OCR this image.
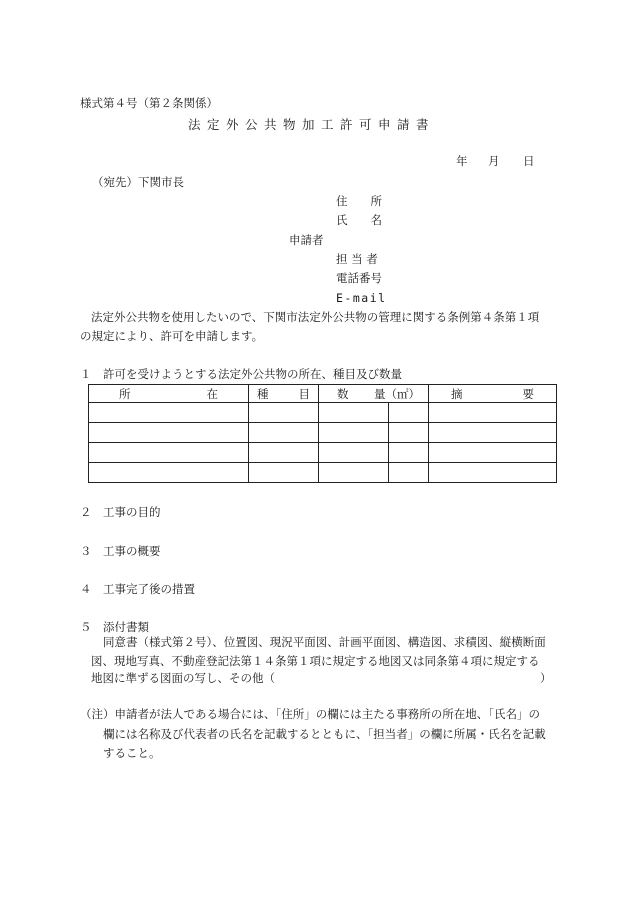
様式第４号（第２条関係）
法定外公共物加工許可申請書
年 月 日
（宛先）下関市長
住　　所
氏　　名
申請者
担 当 者
電話番号
E-mail
法定外公共物を使用したいので、下関市法定外公共物の管理に関する条例第４条第１項
の規定により、許可を申請します。
１　許可を受けようとする法定外公共物の所在、種目及び数量
所 在	種 目	数 量（㎡）		摘 要

２　工事の目的
３　工事の概要
４　工事完了後の措置
５　添付書類
同意書（様式第２号）、位置図、現況平面図、計画平面図、構造図、求積図、縦横断面
図、現地写真、不動産登記法第１４条第１項に規定する地図又は同条第４項に規定する
地図に準ずる図面の写し、その他（	）
（注）申請者が法人である場合には、「住所」の欄には主たる事務所の所在地、「氏名」の
欄には名称及び代表者の氏名を記載するとともに、「担当者」の欄に所属・氏名を記載
すること。
